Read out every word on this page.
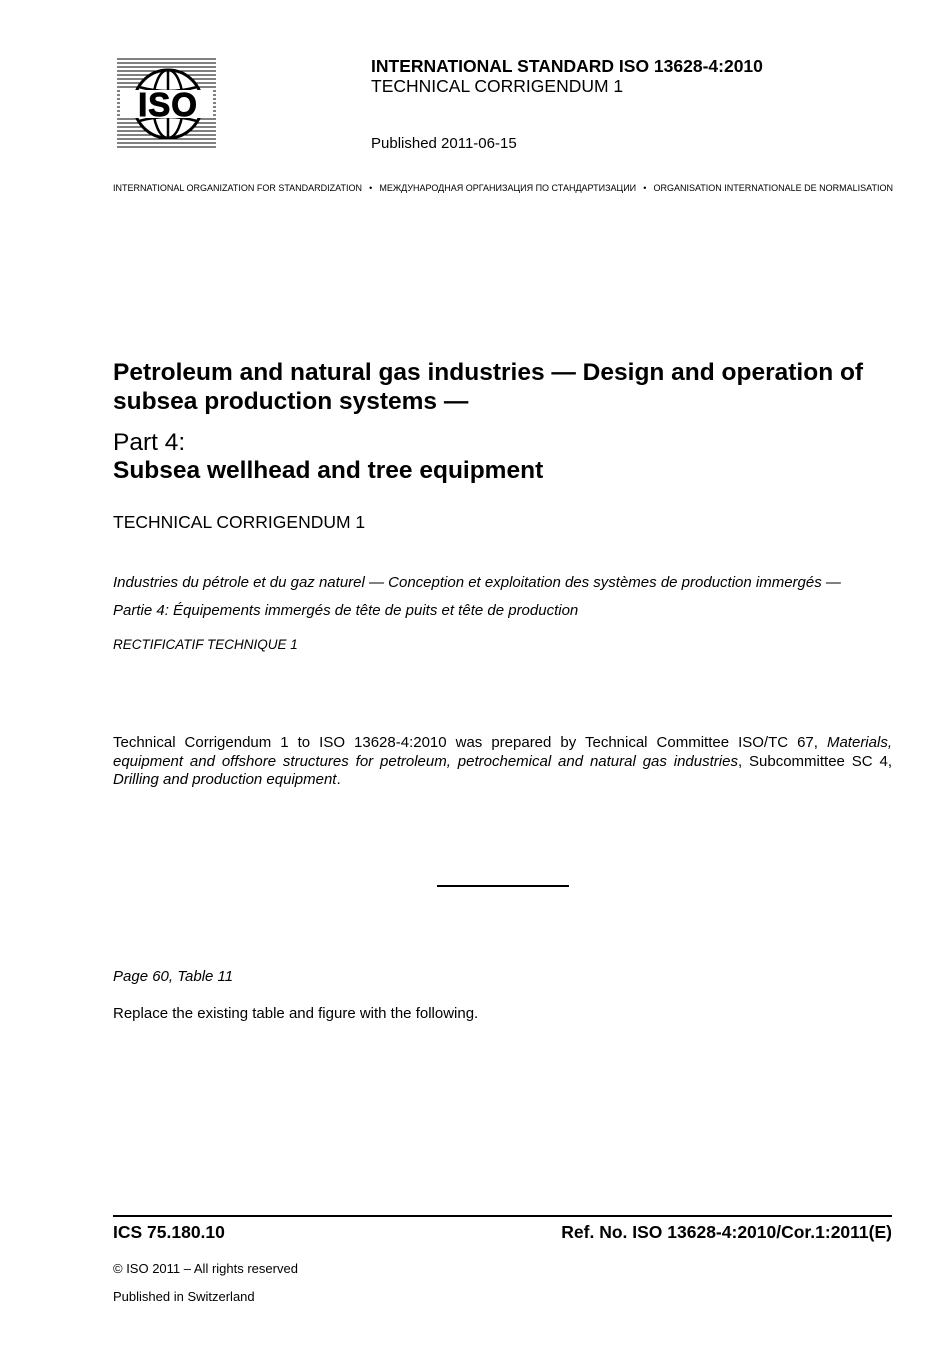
ISO
INTERNATIONAL STANDARD ISO 13628-4:2010
TECHNICAL CORRIGENDUM 1
Published 2011-06-15
INTERNATIONAL ORGANIZATION FOR STANDARDIZATION • МЕЖДУНАРОДНАЯ ОРГАНИЗАЦИЯ ПО СТАНДАРТИЗАЦИИ • ORGANISATION INTERNATIONALE DE NORMALISATION
Petroleum and natural gas industries — Design and operation of subsea production systems —
Part 4:
Subsea wellhead and tree equipment
TECHNICAL CORRIGENDUM 1
Industries du pétrole et du gaz naturel — Conception et exploitation des systèmes de production immergés —
Partie 4: Équipements immergés de tête de puits et tête de production
RECTIFICATIF TECHNIQUE 1
Technical Corrigendum 1 to ISO 13628-4:2010 was prepared by Technical Committee ISO/TC 67, Materials, equipment and offshore structures for petroleum, petrochemical and natural gas industries, Subcommittee SC 4, Drilling and production equipment.
Page 60, Table 11
Replace the existing table and figure with the following.
ICS 75.180.10	Ref. No. ISO 13628-4:2010/Cor.1:2011(E)
© ISO 2011 – All rights reserved
Published in Switzerland
